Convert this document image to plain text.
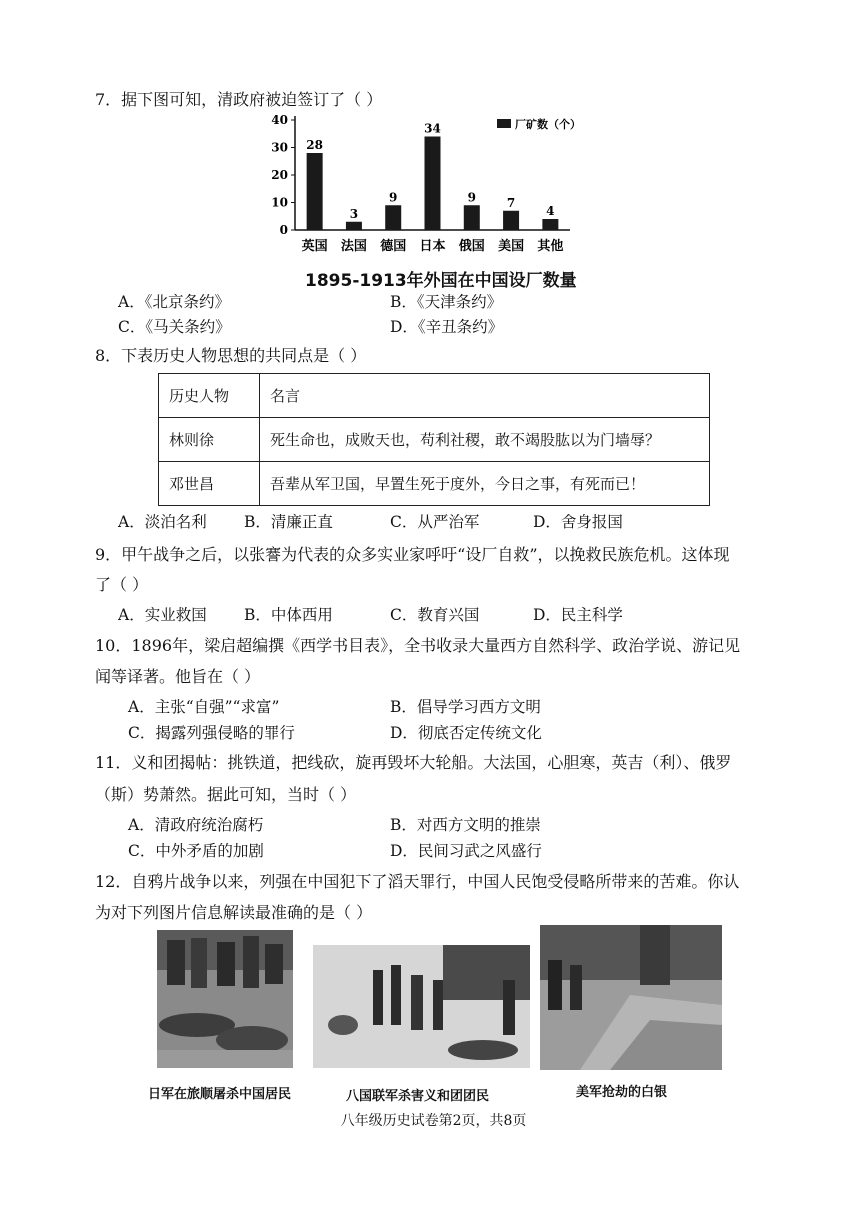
7．据下图可知，清政府被迫签订了（ ）
0
10
20
30
40
28
英国
3
法国
9
德国
34
日本
9
俄国
7
美国
4
其他
厂矿数（个）
1895-1913年外国在中国设厂数量
A．《北京条约》	B．《天津条约》
C．《马关条约》	D．《辛丑条约》
8．下表历史人物思想的共同点是（ ）
历史人物	名言
林则徐	死生命也，成败天也，苟利社稷，敢不竭股肱以为门墙辱？
邓世昌	吾辈从军卫国，早置生死于度外，今日之事，有死而已！
A．淡泊名利 B．清廉正直	C．从严治军	D．舍身报国
9．甲午战争之后，以张謇为代表的众多实业家呼吁“设厂自救”，以挽救民族危机。这体现
了（ ）
A．实业救国 B．中体西用	C．教育兴国	D．民主科学
10．1896年，梁启超编撰《西学书目表》，全书收录大量西方自然科学、政治学说、游记见
闻等译著。他旨在（ ）
A．主张“自强”“求富”	B．倡导学习西方文明
C．揭露列强侵略的罪行	D．彻底否定传统文化
11．义和团揭帖：挑铁道，把线砍，旋再毁坏大轮船。大法国，心胆寒，英吉（利）、俄罗
（斯）势萧然。据此可知，当时（ ）
A．清政府统治腐朽	B．对西方文明的推崇
C．中外矛盾的加剧	D．民间习武之风盛行
12．自鸦片战争以来，列强在中国犯下了滔天罪行，中国人民饱受侵略所带来的苦难。你认
为对下列图片信息解读最准确的是（ ）
日军在旅顺屠杀中国居民	八国联军杀害义和团团民	美军抢劫的白银
八年级历史试卷第2页，共8页
